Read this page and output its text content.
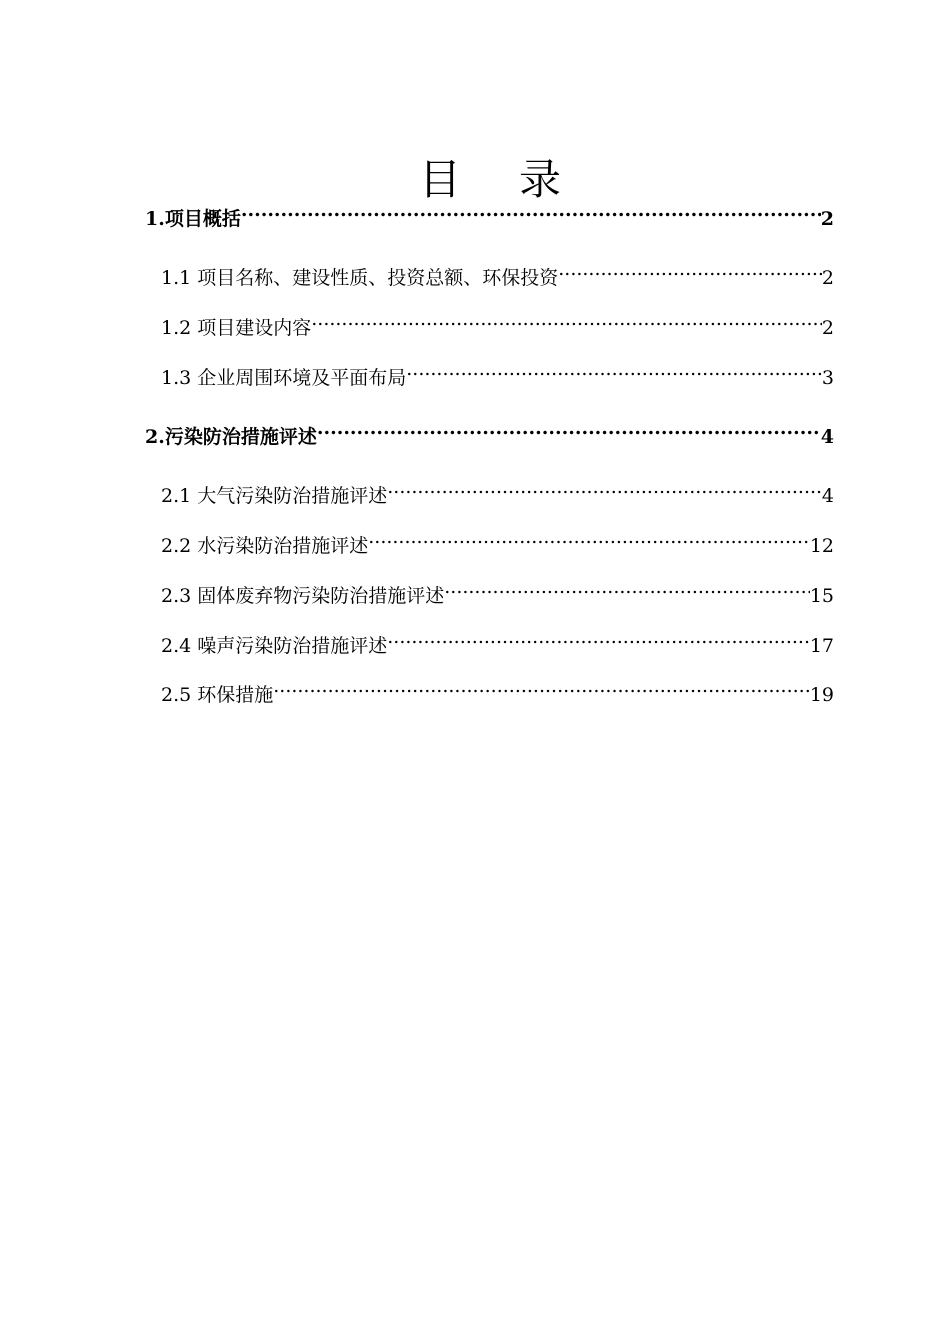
目 录
1. 项目概括 .....	2
1.1 项目名称、建设性质、投资总额、环保投资 .....	2
1.2 项目建设内容 .....	2
1.3 企业周围环境及平面布局 .....	3
2. 污染防治措施评述 .....	4
2.1 大气污染防治措施评述 .....	4
2.2 水污染防治措施评述 .....	12
2.3 固体废弃物污染防治措施评述 .....	15
2.4 噪声污染防治措施评述 .....	17
2.5 环保措施 .....	19
